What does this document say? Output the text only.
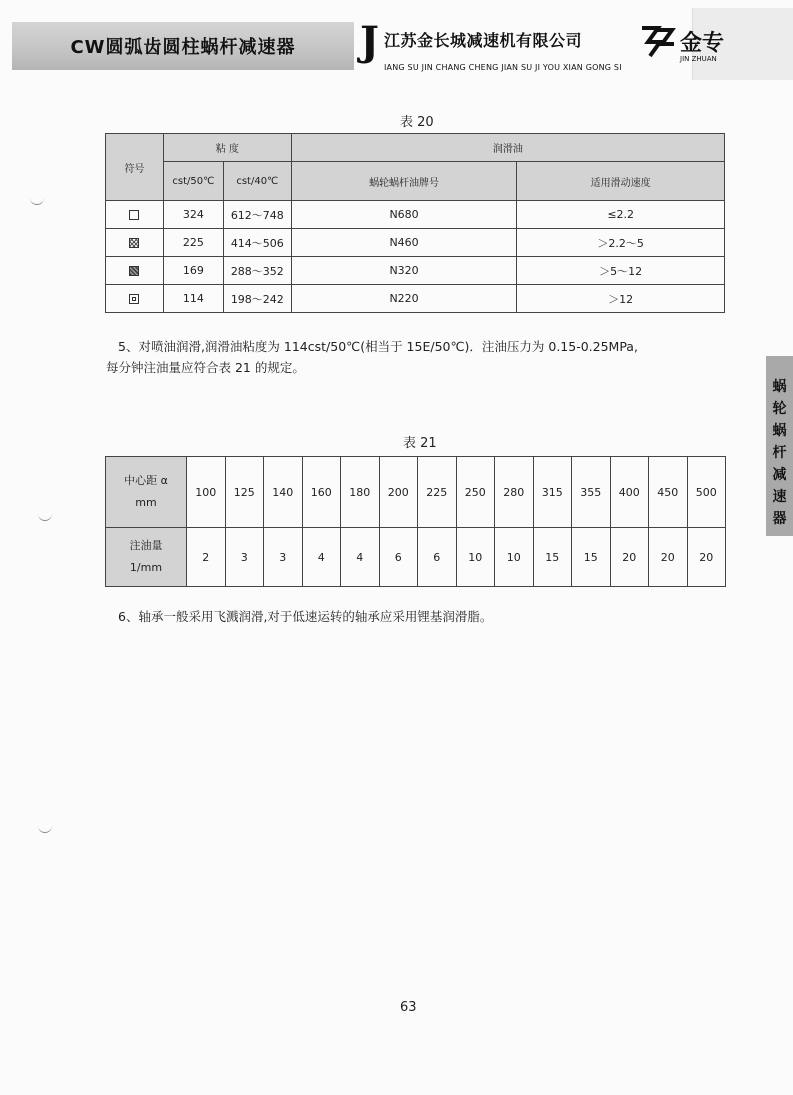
CW圆弧齿圆柱蜗杆减速器 J 江苏金长城减速机有限公司
IANG SU JIN CHANG CHENG JIAN SU JI YOU XIAN GONG SI
金专
JIN ZHUAN
蜗
轮
蜗
杆
减
速
器
表 20
符号	粘 度		润滑油	
	cst/50℃	cst/40℃	蜗轮蜗杆油牌号	适用滑动速度
	324	612～748	N680	≤2.2
	225	414～506	N460	＞2.2～5
	169	288～352	N320	＞5～12
	114	198～242	N220	＞12
5、对喷油润滑,润滑油粘度为 114cst/50℃(相当于 15E/50℃)．注油压力为 0.15-0.25MPa,
每分钟注油量应符合表 21 的规定。
表 21
中心距 α
mm	100	125	140	160	180	200	225	250	280	315	355	400	450	500

注油量
1/mm	2	3	3	4	4	6	6	10	10	15	15	20	20	20
6、轴承一般采用飞溅润滑,对于低速运转的轴承应采用锂基润滑脂。
63
